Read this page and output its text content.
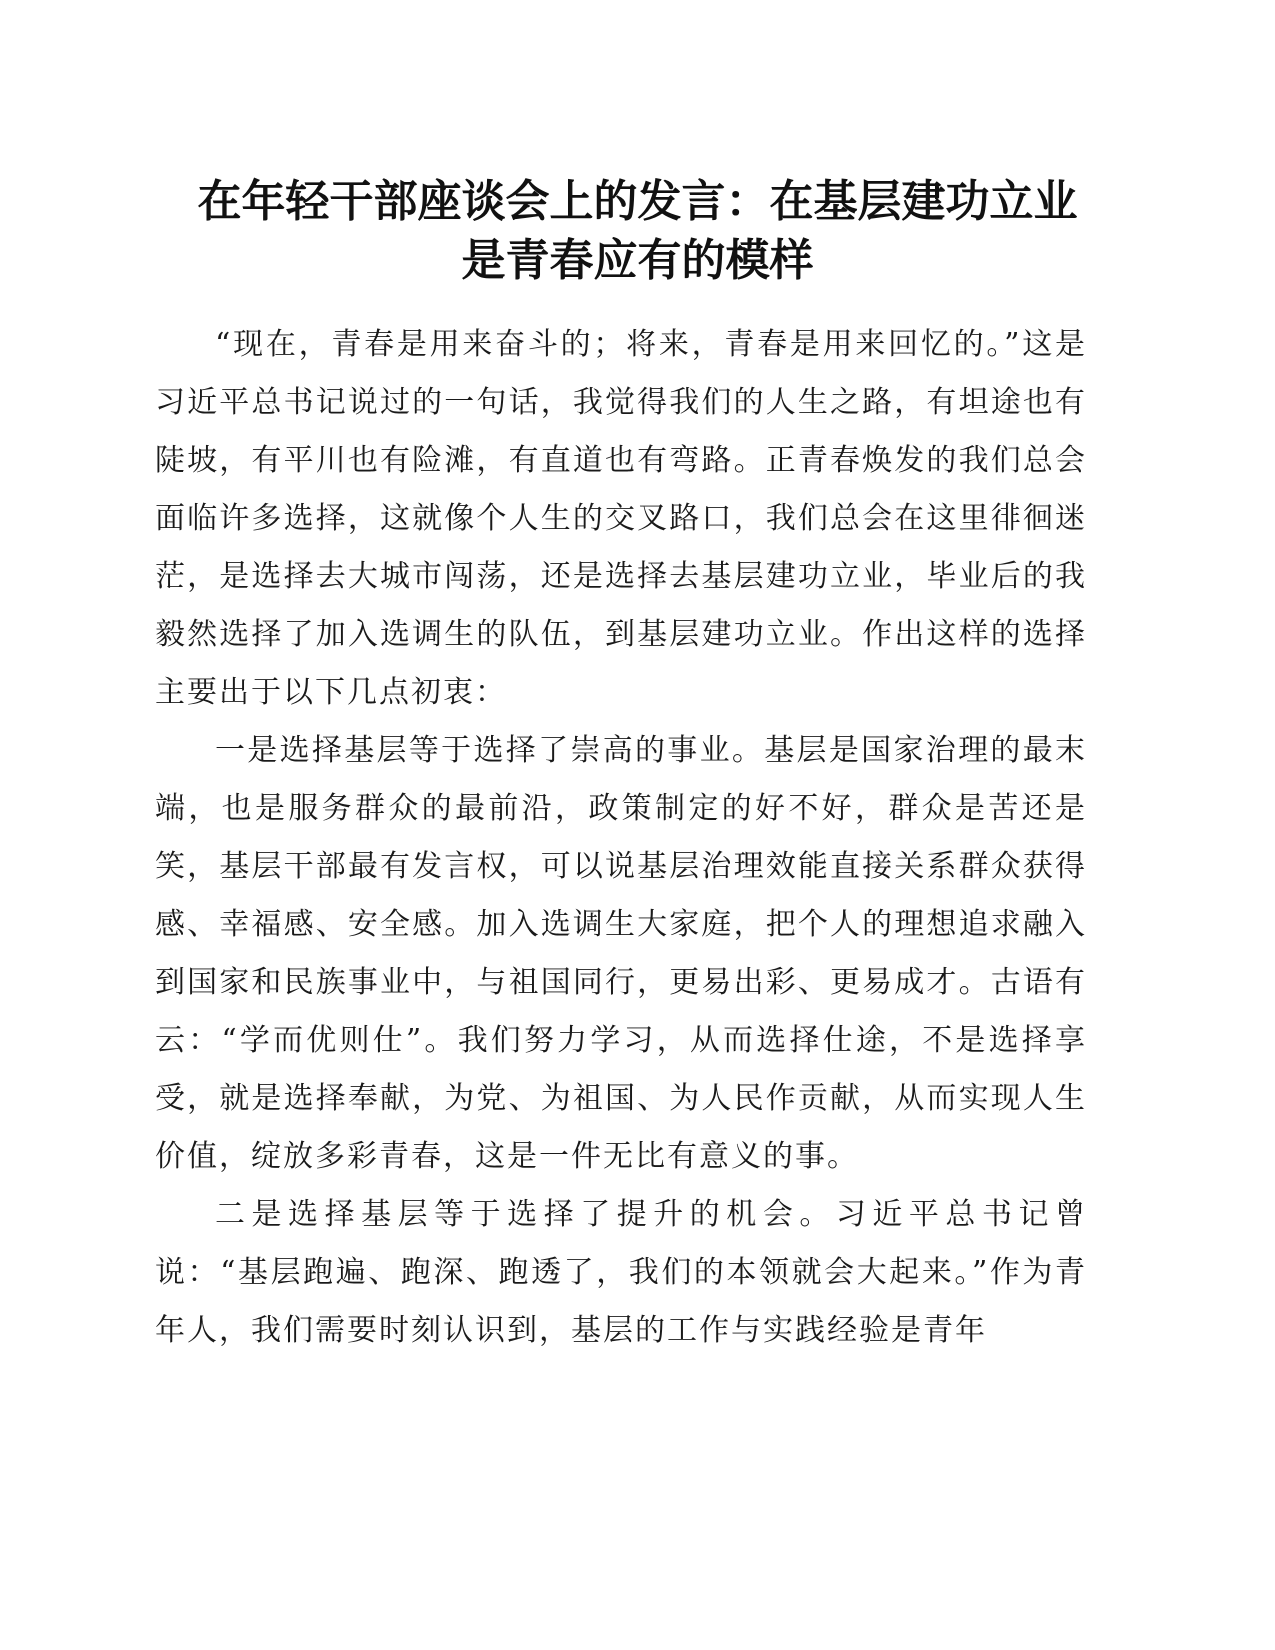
在年轻干部座谈会上的发言：在基层建功立业
是青春应有的模样

“现在，青春是用来奋斗的；将来，青春是用来回忆的。”这是习近平总书记说过的一句话，我觉得我们的人生之路，有坦途也有陡坡，有平川也有险滩，有直道也有弯路。正青春焕发的我们总会面临许多选择，这就像个人生的交叉路口，我们总会在这里徘徊迷茫，是选择去大城市闯荡，还是选择去基层建功立业，毕业后的我毅然选择了加入选调生的队伍，到基层建功立业。作出这样的选择主要出于以下几点初衷：

一是选择基层等于选择了崇高的事业。基层是国家治理的最末端，也是服务群众的最前沿，政策制定的好不好，群众是苦还是笑，基层干部最有发言权，可以说基层治理效能直接关系群众获得感、幸福感、安全感。加入选调生大家庭，把个人的理想追求融入到国家和民族事业中，与祖国同行，更易出彩、更易成才。古语有云：“学而优则仕”。我们努力学习，从而选择仕途，不是选择享受，就是选择奉献，为党、为祖国、为人民作贡献，从而实现人生价值，绽放多彩青春，这是一件无比有意义的事。

二是选择基层等于选择了提升的机会。习近平总书记曾说：“基层跑遍、跑深、跑透了，我们的本领就会大起来。”作为青年人，我们需要时刻认识到，基层的工作与实践经验是青年
